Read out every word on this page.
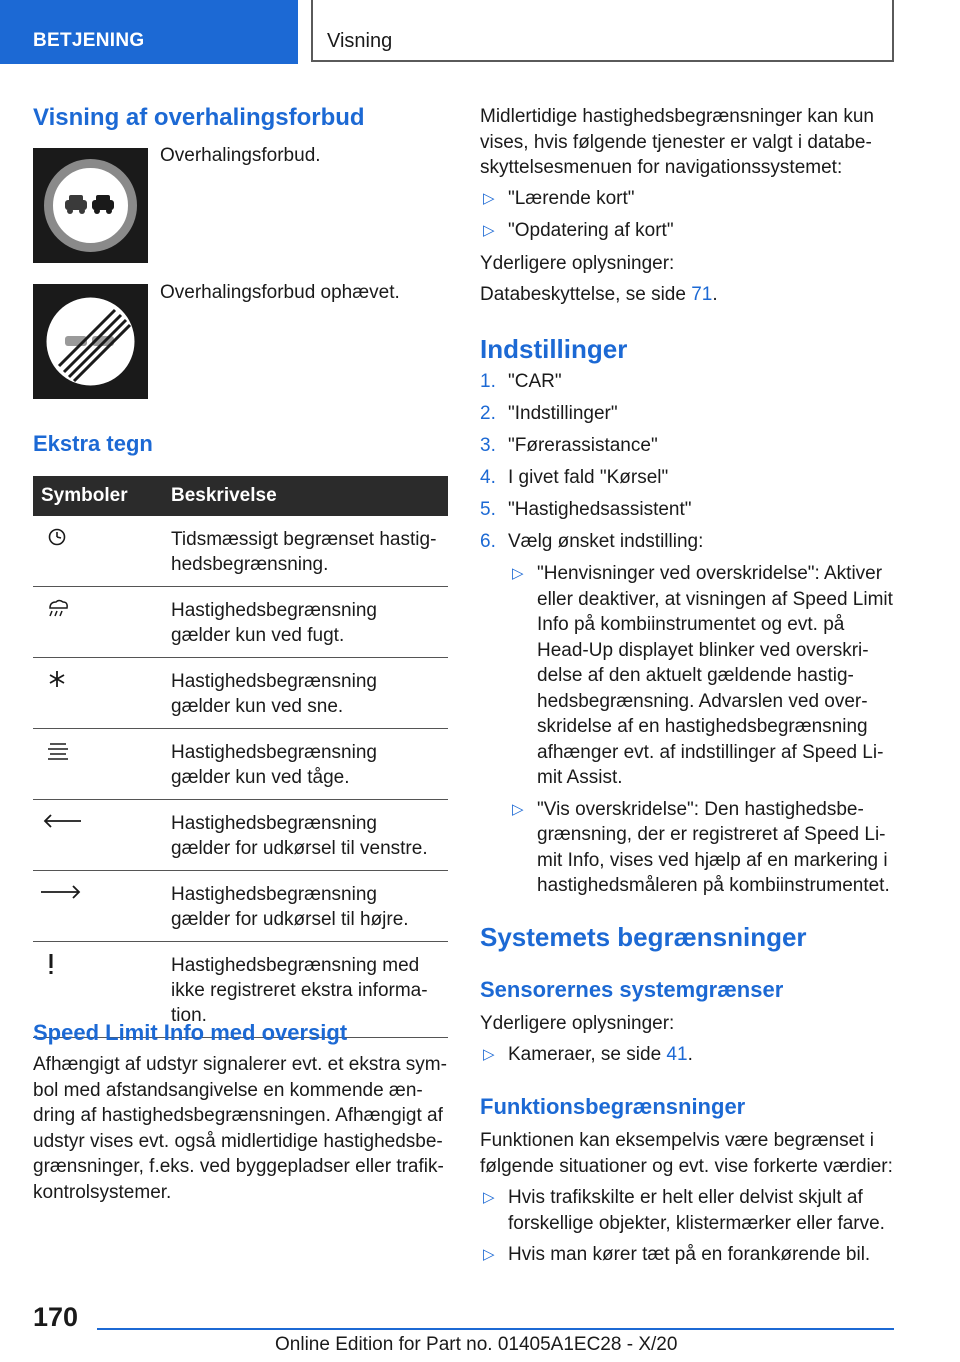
BETJENING	Visning
Visning af overhalingsforbud

Overhalingsforbud.

Overhalingsforbud ophævet.

Ekstra tegn
Symboler	Beskrivelse
	Tidsmæssigt begrænset hastig-hedsbegrænsning.
	Hastighedsbegrænsning gælder kun ved fugt.
	Hastighedsbegrænsning gælder kun ved sne.
	Hastighedsbegrænsning gælder kun ved tåge.
	Hastighedsbegrænsning gælder for udkørsel til venstre.
	Hastighedsbegrænsning gælder for udkørsel til højre.
	Hastighedsbegrænsning med ikke registreret ekstra informa-tion.
Speed Limit Info med oversigt

Afhængigt af udstyr signalerer evt. et ekstra sym-bol med afstandsangivelse en kommende æn-dring af hastighedsbegrænsningen. Afhængigt af udstyr vises evt. også midlertidige hastighedsbe-grænsninger, f.eks. ved byggepladser eller trafik-kontrolsystemer.

Midlertidige hastighedsbegrænsninger kan kun vises, hvis følgende tjenester er valgt i databe-skyttelsesmenuen for navigationssystemet:

▷ "Lærende kort"
▷ "Opdatering af kort"

Yderligere oplysninger:

Databeskyttelse, se side 71.

Indstillinger
1. "CAR"
2. "Indstillinger"
3. "Førerassistance"
4. I givet fald "Kørsel"
5. "Hastighedsassistent"
6. Vælg ønsket indstilling:
▷ "Henvisninger ved overskridelse": Aktiver eller deaktiver, at visningen af Speed Limit Info på kombiinstrumentet og evt. på Head-Up displayet blinker ved overskri-delse af den aktuelt gældende hastig-hedsbegrænsning. Advarslen ved over-skridelse af en hastighedsbegrænsning afhænger evt. af indstillinger af Speed Li-mit Assist.
▷ "Vis overskridelse": Den hastighedsbe-grænsning, der er registreret af Speed Li-mit Info, vises ved hjælp af en markering i hastighedsmåleren på kombiinstrumentet.
Systemets begrænsninger
Sensorernes systemgrænser

Yderligere oplysninger:

▷ Kameraer, se side 41.
Funktionsbegrænsninger

Funktionen kan eksempelvis være begrænset i følgende situationer og evt. vise forkerte værdier:

▷ Hvis trafikskilte er helt eller delvist skjult af forskellige objekter, klistermærker eller farve.
▷ Hvis man kører tæt på en forankørende bil.
170
Online Edition for Part no. 01405A1EC28 - X/20
